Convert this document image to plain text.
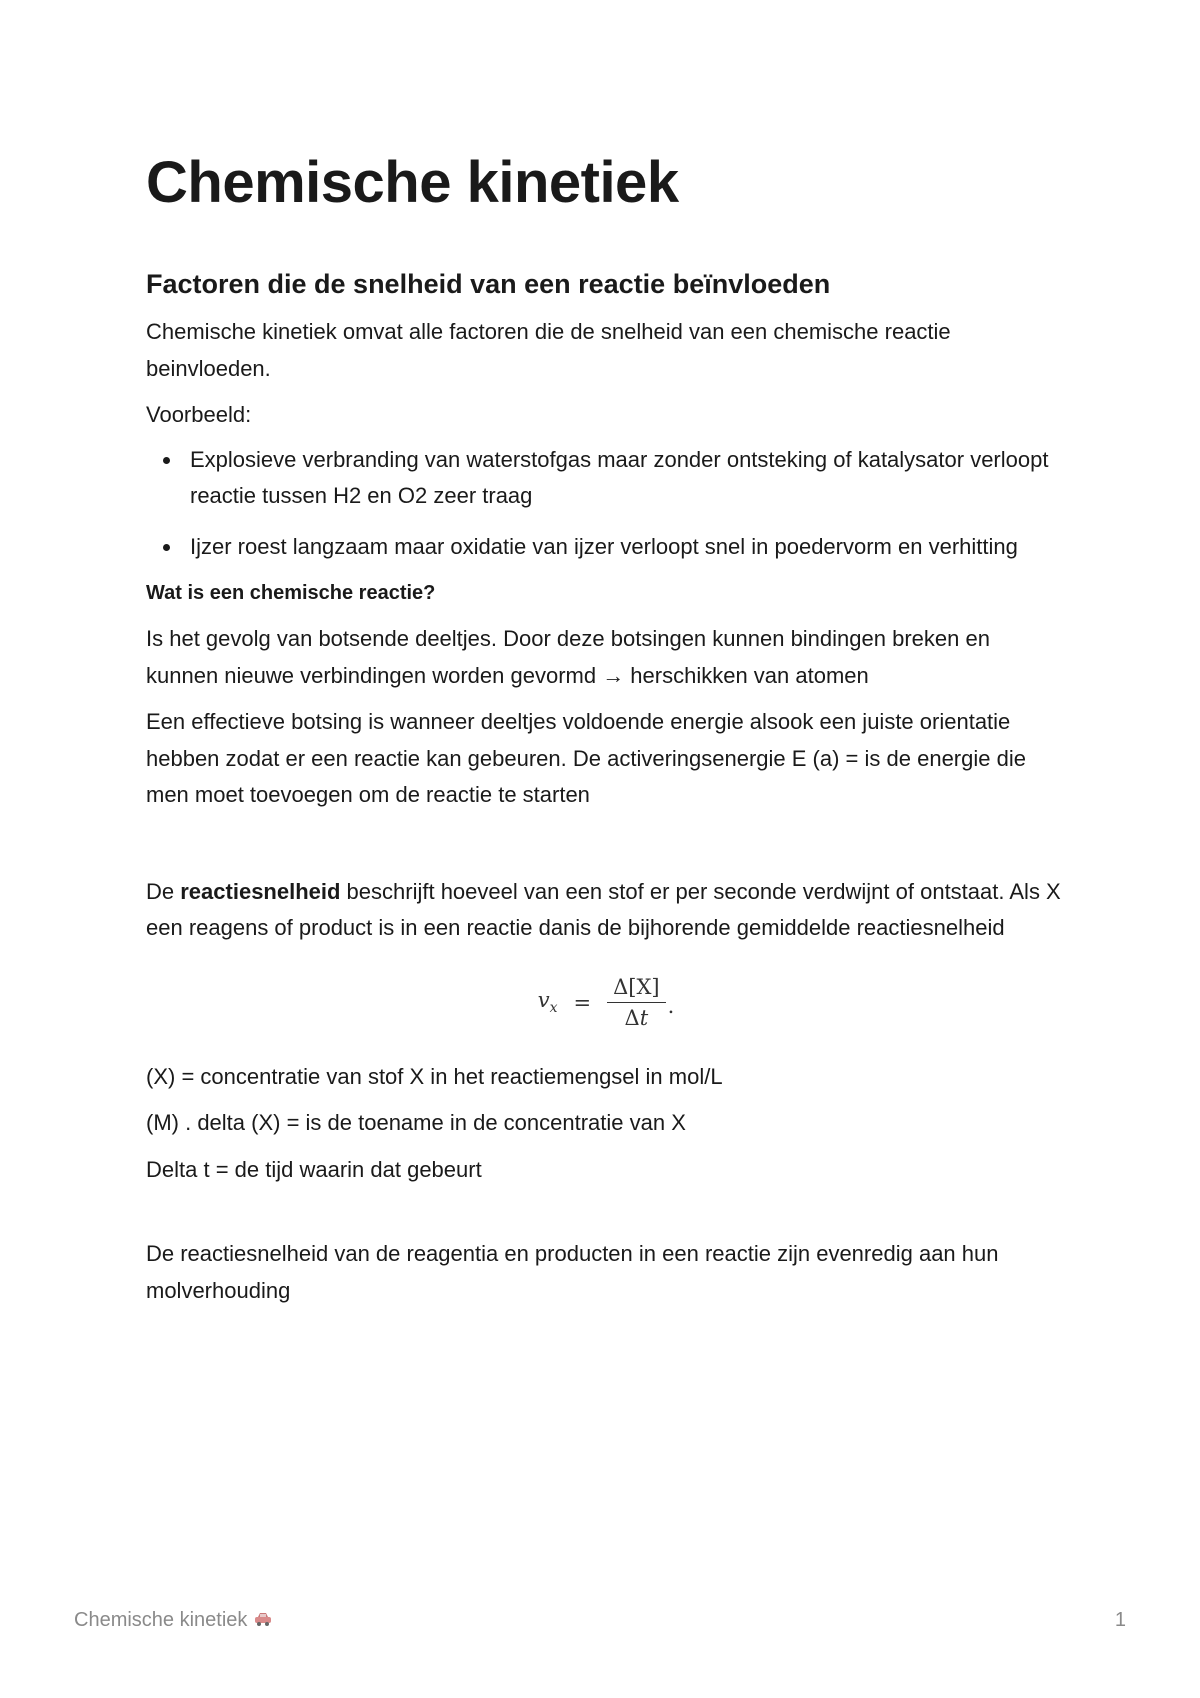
Chemische kinetiek
Factoren die de snelheid van een reactie beïnvloeden

Chemische kinetiek omvat alle factoren die de snelheid van een chemische reactie beinvloeden.

Voorbeeld:

Explosieve verbranding van waterstofgas maar zonder ontsteking of katalysator verloopt reactie tussen H2 en O2 zeer traag
Ijzer roest langzaam maar oxidatie van ijzer verloopt snel in poedervorm en verhitting

Wat is een chemische reactie?

Is het gevolg van botsende deeltjes. Door deze botsingen kunnen bindingen breken en kunnen nieuwe verbindingen worden gevormd → herschikken van atomen

Een effectieve botsing is wanneer deeltjes voldoende energie alsook een juiste orientatie hebben zodat er een reactie kan gebeuren. De activeringsenergie E (a) = is de energie die men moet toevoegen om de reactie te starten

De reactiesnelheid beschrijft hoeveel van een stof er per seconde verdwijnt of ontstaat. Als X een reagens of product is in een reactie danis de bijhorende gemiddelde reactiesnelheid

$v_x = \frac{\Delta[X]}{\Delta t}$ .

(X) = concentratie van stof X in het reactiemengsel in mol/L

(M) . delta (X) = is de toename in de concentratie van X

Delta t = de tijd waarin dat gebeurt

De reactiesnelheid van de reagentia en producten in een reactie zijn evenredig aan hun molverhouding

Chemische kinetiek	1
